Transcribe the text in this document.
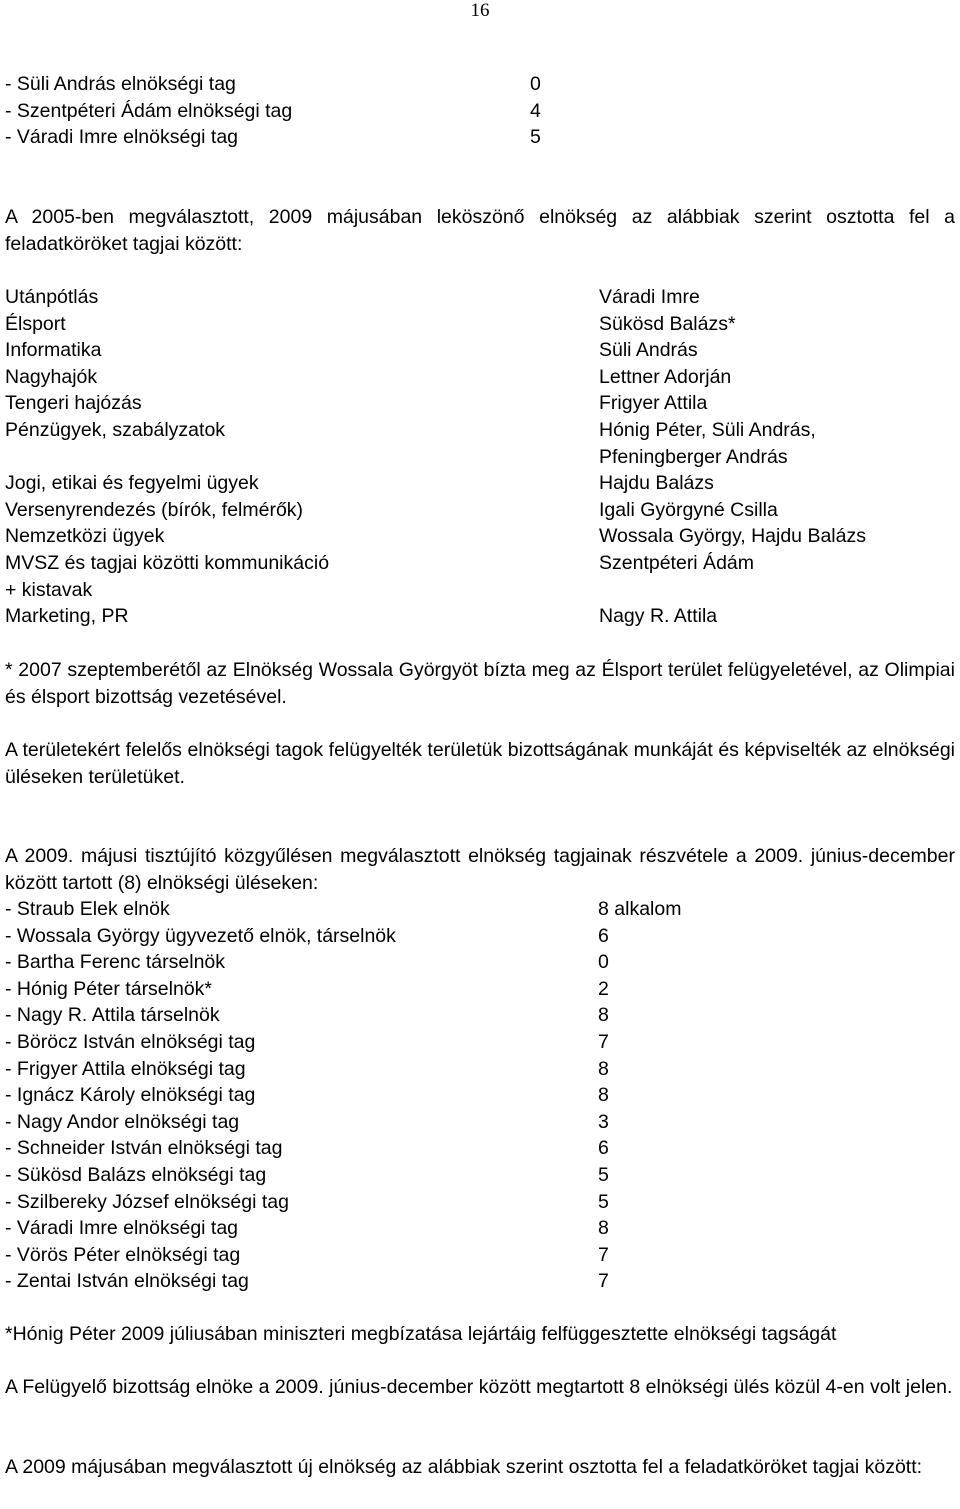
16
- Süli András elnökségi tag	0
- Szentpéteri Ádám elnökségi tag	4
- Váradi Imre elnökségi tag	5
A 2005-ben megválasztott, 2009 májusában leköszönő elnökség az alábbiak szerint osztotta fel a feladatköröket tagjai között:
Utánpótlás	Váradi Imre
Élsport	Sükösd Balázs*
Informatika	Süli András
Nagyhajók	Lettner Adorján
Tengeri hajózás	Frigyer Attila
Pénzügyek, szabályzatok	Hónig Péter, Süli András,
Pfeningberger András
Jogi, etikai és fegyelmi ügyek	Hajdu Balázs
Versenyrendezés (bírók, felmérők)	Igali Györgyné Csilla
Nemzetközi ügyek	Wossala György, Hajdu Balázs
MVSZ és tagjai közötti kommunikáció	Szentpéteri Ádám
+ kistavak
Marketing, PR	Nagy R. Attila
* 2007 szeptemberétől az Elnökség Wossala Györgyöt bízta meg az Élsport terület felügyeletével, az Olimpiai és élsport bizottság vezetésével.
A területekért felelős elnökségi tagok felügyelték területük bizottságának munkáját és képviselték az elnökségi üléseken területüket.
A 2009. májusi tisztújító közgyűlésen megválasztott elnökség tagjainak részvétele a 2009. június-december között tartott (8) elnökségi üléseken:
- Straub Elek elnök	8 alkalom
- Wossala György ügyvezető elnök, társelnök	6
- Bartha Ferenc társelnök	0
- Hónig Péter társelnök*	2
- Nagy R. Attila társelnök	8
- Böröcz István elnökségi tag	7
- Frigyer Attila elnökségi tag	8
- Ignácz Károly elnökségi tag	8
- Nagy Andor elnökségi tag	3
- Schneider István elnökségi tag	6
- Sükösd Balázs elnökségi tag	5
- Szilbereky József elnökségi tag	5
- Váradi Imre elnökségi tag	8
- Vörös Péter elnökségi tag	7
- Zentai István elnökségi tag	7
*Hónig Péter 2009 júliusában miniszteri megbízatása lejártáig felfüggesztette elnökségi tagságát
A Felügyelő bizottság elnöke a 2009. június-december között megtartott 8 elnökségi ülés közül 4-en volt jelen.
A 2009 májusában megválasztott új elnökség az alábbiak szerint osztotta fel a feladatköröket tagjai között:
